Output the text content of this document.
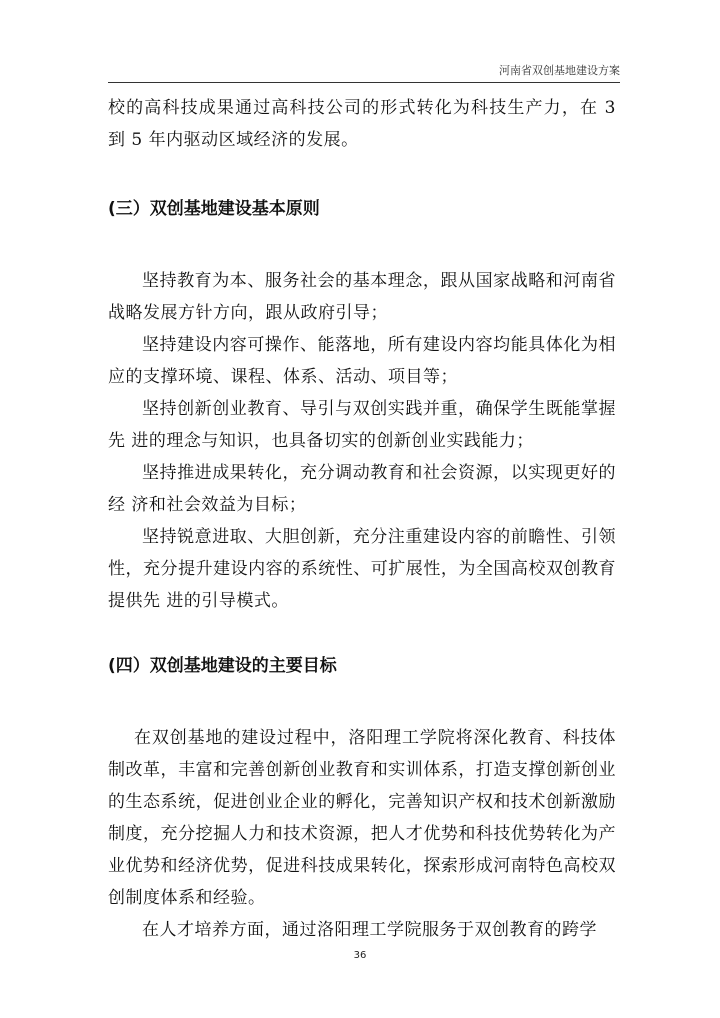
河南省双创基地建设方案

校的高科技成果通过高科技公司的形式转化为科技生产力，在 3 到 5 年内驱动区域经济的发展。

(三）双创基地建设基本原则

坚持教育为本、服务社会的基本理念，跟从国家战略和河南省战略发展方针方向，跟从政府引导；

坚持建设内容可操作、能落地，所有建设内容均能具体化为相应的支撑环境、课程、体系、活动、项目等；

坚持创新创业教育、导引与双创实践并重，确保学生既能掌握先 进的理念与知识，也具备切实的创新创业实践能力；

坚持推进成果转化，充分调动教育和社会资源，以实现更好的经 济和社会效益为目标；

坚持锐意进取、大胆创新，充分注重建设内容的前瞻性、引领性，充分提升建设内容的系统性、可扩展性，为全国高校双创教育提供先 进的引导模式。

(四）双创基地建设的主要目标

在双创基地的建设过程中，洛阳理工学院将深化教育、科技体制改革，丰富和完善创新创业教育和实训体系，打造支撑创新创业的生态系统，促进创业企业的孵化，完善知识产权和技术创新激励制度，充分挖掘人力和技术资源，把人才优势和科技优势转化为产业优势和经济优势，促进科技成果转化，探索形成河南特色高校双创制度体系和经验。

在人才培养方面，通过洛阳理工学院服务于双创教育的跨学

36
